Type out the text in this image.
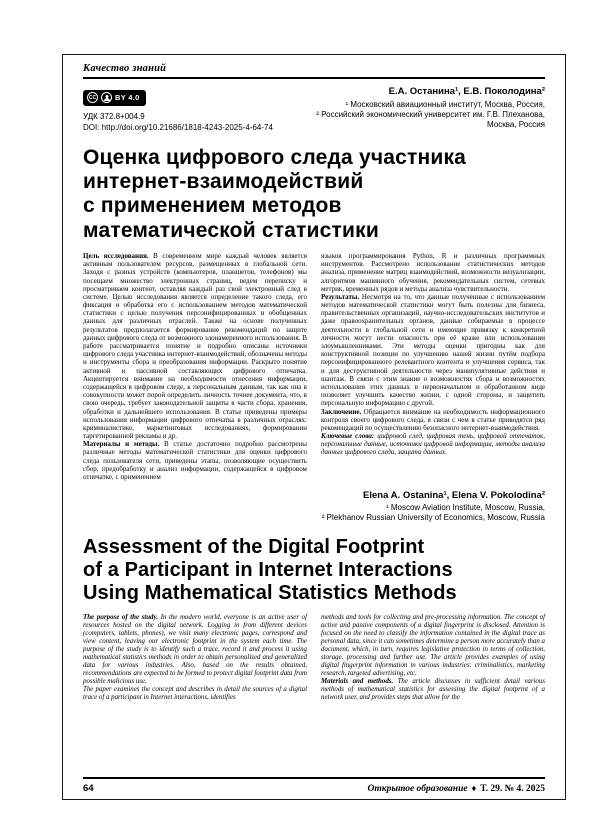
Качество знаний
CC	BY 4.0
УДК 372.8+004.9
DOI: http://doi.org/10.21686/1818-4243-2025-4-64-74
Е.А. Останина¹, Е.В. Поколодина²
¹ Московский авиационный институт, Москва, Россия,
² Российский экономический университет им. Г.В. Плеханова,
Москва, Россия
Оценка цифрового следа участника
интернет-взаимодействий
с применением методов
математической статистики

Цель исследования. В современном мире каждый человек является активным пользователем ресурсов, размещенных в глобальной сети. Заходя с разных устройств (компьютеров, планшетов, телефонов) мы посещаем множество электронных страниц, ведем переписку и просматриваем контент, оставляя каждый раз свой электронный след в системе. Целью исследования является определение такого следа, его фиксация и обработка его с использованием методов математической статистики с целью получения персонифицированных и обобщенных данных для различных отраслей. Также на основе полученных результатов предполагается формирование рекомендаций по защите данных цифрового следа от возможного злонамеренного использования. В работе рассматривается понятие и подробно описаны источники цифрового следа участника интернет-взаимодействий, обозначены методы и инструменты сбора и преобразования информации. Раскрыто понятие активной и пассивной составляющих цифрового отпечатка. Акцентируется внимание на необходимости отнесения информации, содержащейся в цифровом следе, к персональным данным, так как она в совокупности может порой определить личность точнее документа, что, в свою очередь, требует законодательной защиты в части сбора, хранения, обработки и дальнейшего использования. В статье приведены примеры использования информации цифрового отпечатка в различных отраслях: криминалистике, маркетинговых исследованиях, формировании таргетированной рекламы и др.

Материалы и методы. В статье достаточно подробно рассмотрены различные методы математической статистики для оценки цифрового следа пользователя сети, приведены этапы, позволяющие осуществить сбор, предобработку и анализ информации, содержащейся в цифровом отпечатке, с применением

языков программирования Python, R и различных программных инструментов. Рассмотрено использование статистических методов анализа, применение матриц взаимодействий, возможности визуализации, алгоритмов машинного обучения, рекомендательных систем, сетевых метрик, временных рядов и методы анализа чувствительности.

Результаты. Несмотря на то, что данные полученные с использованием методов математической статистики могут быть полезны для бизнеса, правительственных организаций, научно-исследовательских институтов и даже правоохранительных органов, данные собираемые в процессе деятельности в глобальной сети и имеющие привязку к конкретной личности могут нести опасность при её краже или использовании злоумышленниками. Эти методы оценки пригодны как для конструктивной позиции по улучшению нашей жизни путём подбора персонифицированного релевантного контента и улучшения сервиса, так и для деструктивной деятельности через манипулятивные действия и шантаж. В связи с этим знание о возможностях сбора и возможностях использования этих данных в первоначальном и обработанном виде позволяет улучшить качество жизни, с одной стороны, и защитить персональную информацию с другой.

Заключение. Обращается внимание на необходимость информационного контроля своего цифрового следа, в связи с чем в статье приводятся ряд рекомендаций по осуществлению безопасного интернет-взаимодействия.

Ключевые слова: цифровой след, цифровая тень, цифровой отпечаток, персональные данные, источники цифровой информации, методы анализа данных цифрового следа, защита данных.

Elena A. Ostanina¹, Elena V. Pokolodina²
¹ Moscow Aviation Institute, Moscow, Russia,
² Plekhanov Russian University of Economics, Moscow, Russia
Assessment of the Digital Footprint
of a Participant in Internet Interactions
Using Mathematical Statistics Methods

The purpose of the study. In the modern world, everyone is an active user of resources hosted on the digital network. Logging in from different devices (computers, tablets, phones), we visit many electronic pages, correspond and view content, leaving our electronic footprint in the system each time. The purpose of the study is to identify such a trace, record it and process it using mathematical statistics methods in order to obtain personalized and generalized data for various industries. Also, based on the results obtained, recommendations are expected to be formed to protect digital footprint data from possible malicious use.

The paper examines the concept and describes in detail the sources of a digital trace of a participant in Internet interactions, identifies

methods and tools for collecting and pre-processing information. The concept of active and passive components of a digital fingerprint is disclosed. Attention is focused on the need to classify the information contained in the digital trace as personal data, since it can sometimes determine a person more accurately than a document, which, in turn, requires legislative protection in terms of collection, storage, processing and further use. The article provides examples of using digital fingerprint information in various industries: criminalistics, marketing research, targeted advertising, etc.

Materials and methods. The article discusses in sufficient detail various methods of mathematical statistics for assessing the digital footprint of a network user, and provides steps that allow for the

64	Открытое образование ♦ Т. 29. № 4. 2025
